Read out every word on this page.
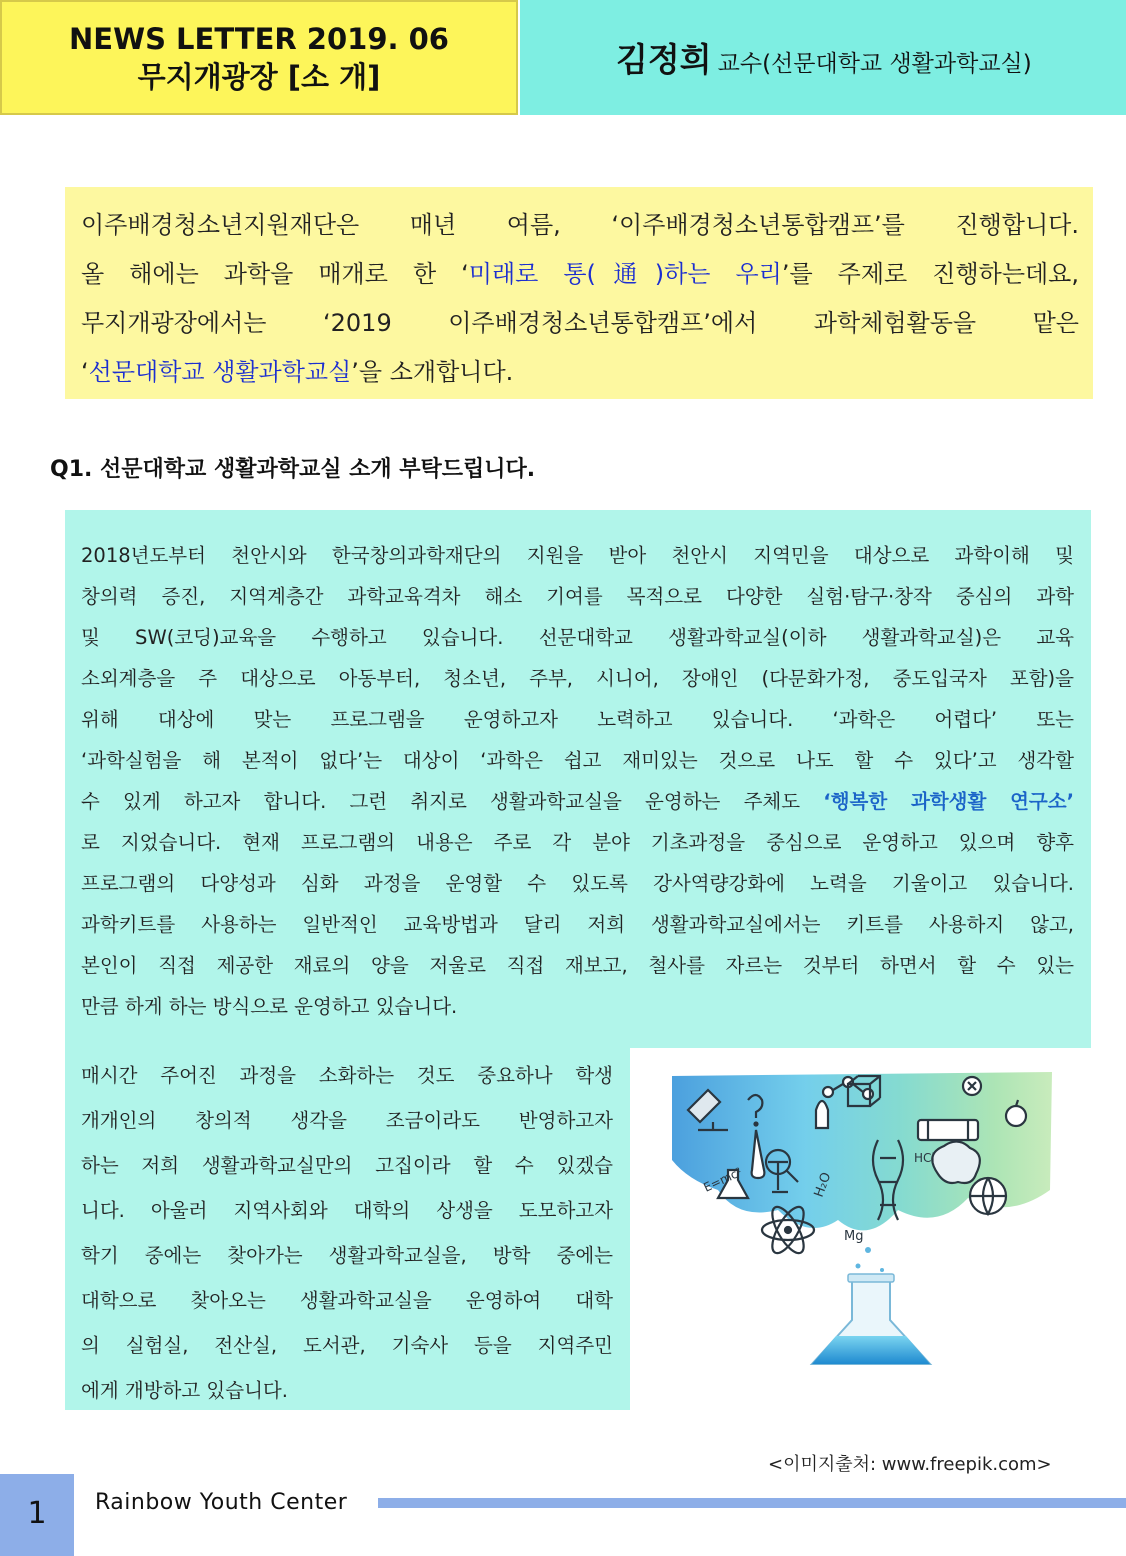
NEWS LETTER 2019. 06
무지개광장 [소 개]	김정희 교수(선문대학교 생활과학교실)
이주배경청소년지원재단은 매년 여름, ‘이주배경청소년통합캠프’를 진행합니다.
올 해에는 과학을 매개로 한 ‘미래로 통(通)하는 우리’를 주제로 진행하는데요,
무지개광장에서는 ‘2019 이주배경청소년통합캠프’에서 과학체험활동을 맡은
‘선문대학교 생활과학교실’을 소개합니다.
Q1. 선문대학교 생활과학교실 소개 부탁드립니다.
2018년도부터 천안시와 한국창의과학재단의 지원을 받아 천안시 지역민을 대상으로 과학이해 및
창의력 증진, 지역계층간 과학교육격차 해소 기여를 목적으로 다양한 실험·탐구·창작 중심의 과학
및 SW(코딩)교육을 수행하고 있습니다. 선문대학교 생활과학교실(이하 생활과학교실)은 교육
소외계층을 주 대상으로 아동부터, 청소년, 주부, 시니어, 장애인 (다문화가정, 중도입국자 포함)을
위해 대상에 맞는 프로그램을 운영하고자 노력하고 있습니다. ‘과학은 어렵다’ 또는
‘과학실험을 해 본적이 없다’는 대상이 ‘과학은 쉽고 재미있는 것으로 나도 할 수 있다’고 생각할
수 있게 하고자 합니다. 그런 취지로 생활과학교실을 운영하는 주체도 ‘행복한 과학생활 연구소’
로 지었습니다. 현재 프로그램의 내용은 주로 각 분야 기초과정을 중심으로 운영하고 있으며 향후
프로그램의 다양성과 심화 과정을 운영할 수 있도록 강사역량강화에 노력을 기울이고 있습니다.
과학키트를 사용하는 일반적인 교육방법과 달리 저희 생활과학교실에서는 키트를 사용하지 않고,
본인이 직접 제공한 재료의 양을 저울로 직접 재보고, 철사를 자르는 것부터 하면서 할 수 있는
만큼 하게 하는 방식으로 운영하고 있습니다.
매시간 주어진 과정을 소화하는 것도 중요하나 학생
개개인의 창의적 생각을 조금이라도 반영하고자
하는 저희 생활과학교실만의 고집이라 할 수 있겠습
니다. 아울러 지역사회와 대학의 상생을 도모하고자
학기 중에는 찾아가는 생활과학교실을, 방학 중에는
대학으로 찾아오는 생활과학교실을 운영하여 대학
의 실험실, 전산실, 도서관, 기숙사 등을 지역주민
에게 개방하고 있습니다.
E=mc²	H₂O
HCl
Mg
<이미지출처: www.freepik.com>
1	Rainbow Youth Center
